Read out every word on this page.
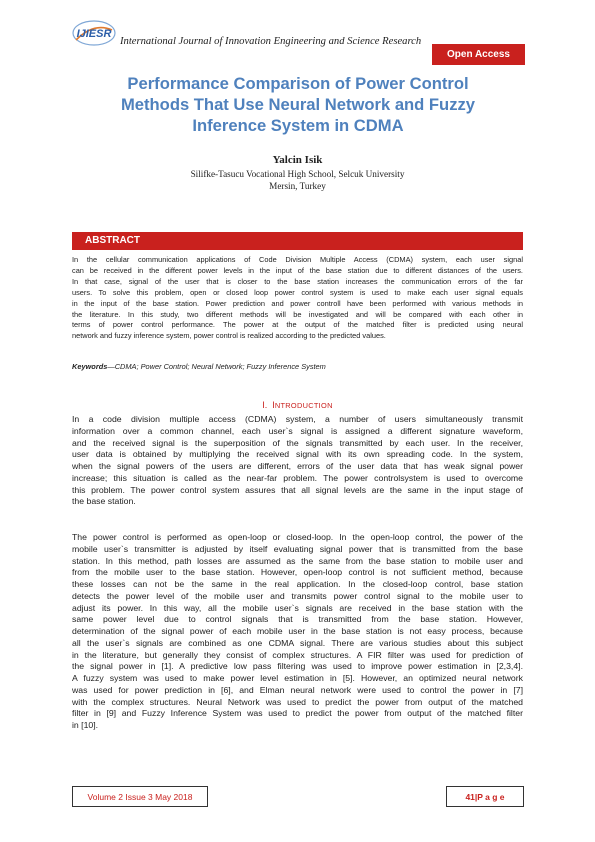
IJIESR
International Journal of Innovation Engineering and Science Research
Open Access
Performance Comparison of Power Control
Methods That Use Neural Network and Fuzzy
Inference System in CDMA
Yalcin Isik
Silifke-Tasucu Vocational High School, Selcuk University
Mersin, Turkey
ABSTRACT
In the cellular communication applications of Code Division Multiple Access (CDMA) system, each user signal
can be received in the different power levels in the input of the base station due to different distances of the users.
In that case, signal of the user that is closer to the base station increases the communication errors of the far
users. To solve this problem, open or closed loop power control system is used to make each user signal equals
in the input of the base station. Power prediction and power controll have been performed with various methods in
the literature. In this study, two different methods will be investigated and will be compared with each other in
terms of power control performance. The power at the output of the matched filter is predicted using neural
network and fuzzy inference system, power control is realized according to the predicted values.
Keywords—CDMA; Power Control; Neural Network; Fuzzy Inference System
I. INTRODUCTION
In a code division multiple access (CDMA) system, a number of users simultaneously transmit
information over a common channel, each user`s signal is assigned a different signature waveform,
and the received signal is the superposition of the signals transmitted by each user. In the receiver,
user data is obtained by multiplying the received signal with its own spreading code. In the system,
when the signal powers of the users are different, errors of the user data that has weak signal power
increase; this situation is called as the near-far problem. The power controlsystem is used to overcome
this problem. The power control system assures that all signal levels are the same in the input stage of
the base station.
The power control is performed as open-loop or closed-loop. In the open-loop control, the power of the
mobile user`s transmitter is adjusted by itself evaluating signal power that is transmitted from the base
station. In this method, path losses are assumed as the same from the base station to mobile user and
from the mobile user to the base station. However, open-loop control is not sufficient method, because
these losses can not be the same in the real application. In the closed-loop control, base station
detects the power level of the mobile user and transmits power control signal to the mobile user to
adjust its power. In this way, all the mobile user`s signals are received in the base station with the
same power level due to control signals that is transmitted from the base station. However,
determination of the signal power of each mobile user in the base station is not easy process, because
all the user`s signals are combined as one CDMA signal. There are various studies about this subject
in the literature, but generally they consist of complex structures. A FIR filter was used for prediction of
the signal power in [1]. A predictive low pass filtering was used to improve power estimation in [2,3,4].
A fuzzy system was used to make power level estimation in [5]. However, an optimized neural network
was used for power prediction in [6], and Elman neural network were used to control the power in [7]
with the complex structures. Neural Network was used to predict the power from output of the matched
filter in [9] and Fuzzy Inference System was used to predict the power from output of the matched filter
in [10].
Volume 2 Issue 3 May 2018	41|P a g e
